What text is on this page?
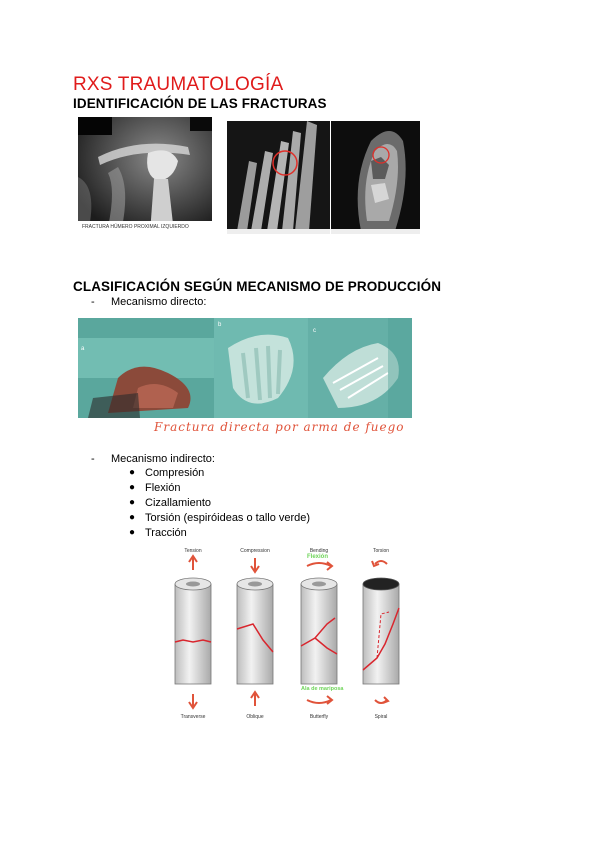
RXS TRAUMATOLOGÍA
IDENTIFICACIÓN DE LAS FRACTURAS
FRACTURA HÚMERO PROXIMAL IZQUIERDO
CLASIFICACIÓN SEGÚN MECANISMO DE PRODUCCIÓN
- Mecanismo directo:
a
b
c
Fractura directa por arma de fuego
- Mecanismo indirecto:
● Compresión
● Flexión
● Cizallamiento
● Torsión (espiróideas o tallo verde)
● Tracción
Tension	Compression	Bending	Torsion
Flexión
Ala de mariposa
Transverse	Oblique	Butterfly	Spiral
